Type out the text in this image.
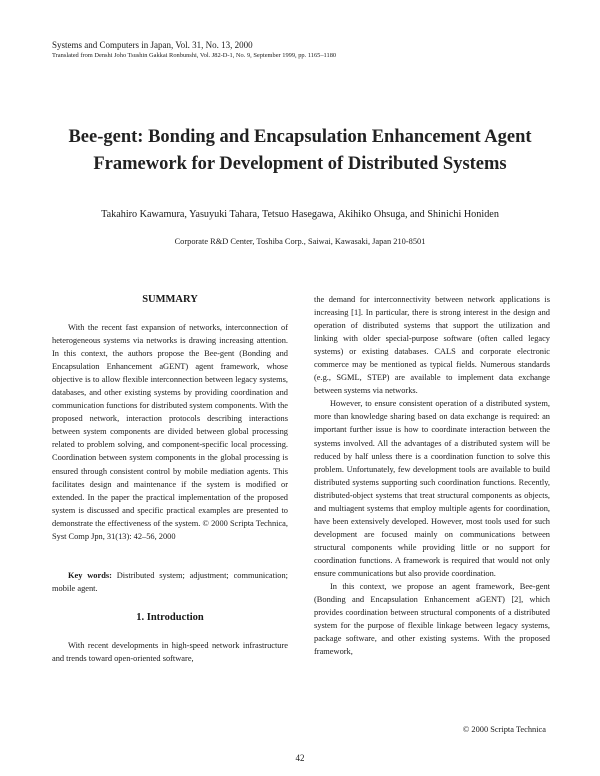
Systems and Computers in Japan, Vol. 31, No. 13, 2000
Translated from Denshi Joho Tsushin Gakkai Ronbunshi, Vol. J82-D-1, No. 9, September 1999, pp. 1165–1180
Bee-gent: Bonding and Encapsulation Enhancement Agent Framework for Development of Distributed Systems
Takahiro Kawamura, Yasuyuki Tahara, Tetsuo Hasegawa, Akihiko Ohsuga, and Shinichi Honiden
Corporate R&D Center, Toshiba Corp., Saiwai, Kawasaki, Japan 210-8501
SUMMARY

With the recent fast expansion of networks, interconnection of heterogeneous systems via networks is drawing increasing attention. In this context, the authors propose the Bee-gent (Bonding and Encapsulation Enhancement aGENT) agent framework, whose objective is to allow flexible interconnection between legacy systems, databases, and other existing systems by providing coordination and communication functions for distributed system components. With the proposed network, interaction protocols describing interactions between system components are divided between global processing related to problem solving, and component-specific local processing. Coordination between system components in the global processing is ensured through consistent control by mobile mediation agents. This facilitates design and maintenance if the system is modified or extended. In the paper the practical implementation of the proposed system is discussed and specific practical examples are presented to demonstrate the effectiveness of the system. © 2000 Scripta Technica, Syst Comp Jpn, 31(13): 42–56, 2000

Key words: Distributed system; adjustment; communication; mobile agent.

1. Introduction

With recent developments in high-speed network infrastructure and trends toward open-oriented software,

the demand for interconnectivity between network applications is increasing [1]. In particular, there is strong interest in the design and operation of distributed systems that support the utilization and linking with older special-purpose software (often called legacy systems) or existing databases. CALS and corporate electronic commerce may be mentioned as typical fields. Numerous standards (e.g., SGML, STEP) are available to implement data exchange between systems via networks.

However, to ensure consistent operation of a distributed system, more than knowledge sharing based on data exchange is required: an important further issue is how to coordinate interaction between the systems involved. All the advantages of a distributed system will be reduced by half unless there is a coordination function to solve this problem. Unfortunately, few development tools are available to build distributed systems supporting such coordination functions. Recently, distributed-object systems that treat structural components as objects, and multiagent systems that employ multiple agents for coordination, have been extensively developed. However, most tools used for such development are focused mainly on communications between structural components while providing little or no support for coordination functions. A framework is required that would not only ensure communications but also provide coordination.

In this context, we propose an agent framework, Bee-gent (Bonding and Encapsulation Enhancement aGENT) [2], which provides coordination between structural components of a distributed system for the purpose of flexible linkage between legacy systems, package software, and other existing systems. With the proposed framework,

© 2000 Scripta Technica
42
